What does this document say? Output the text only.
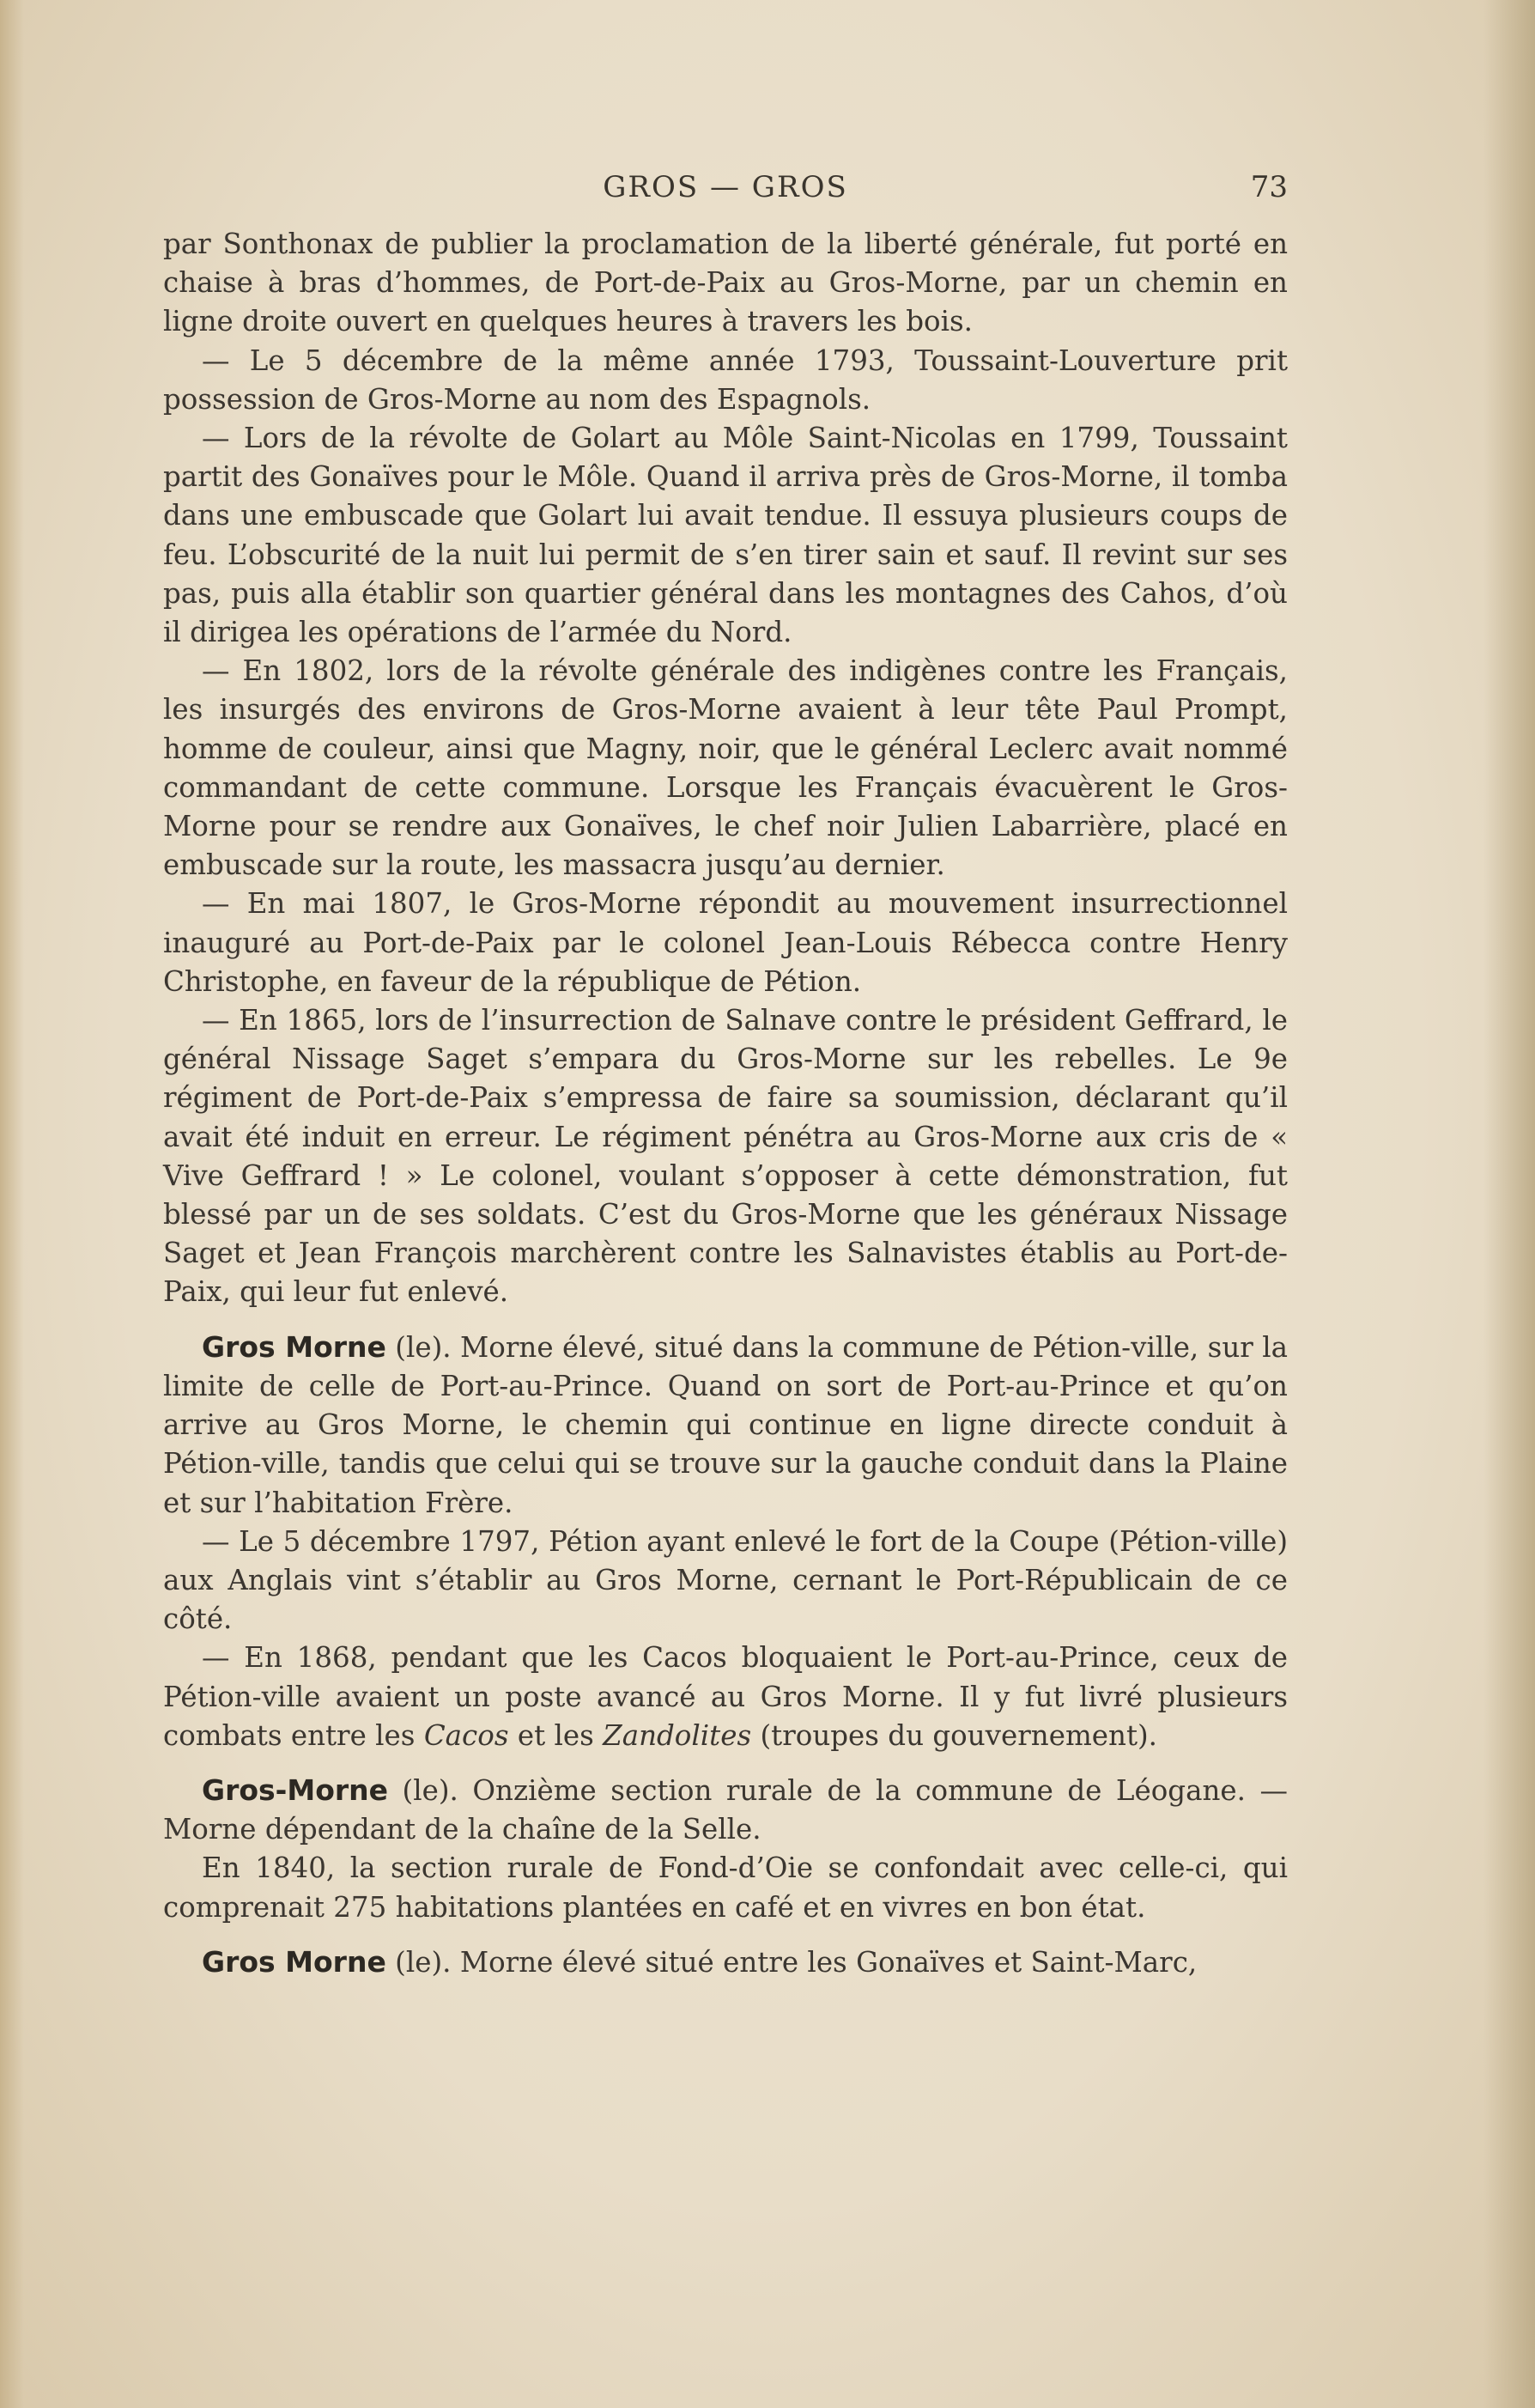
GROS — GROS	73

par Sonthonax de publier la proclamation de la liberté générale, fut porté en chaise à bras d’hommes, de Port-de-Paix au Gros-Morne, par un chemin en ligne droite ouvert en quelques heures à travers les bois.

— Le 5 décembre de la même année 1793, Toussaint-Louverture prit possession de Gros-Morne au nom des Espagnols.

— Lors de la révolte de Golart au Môle Saint-Nicolas en 1799, Toussaint partit des Gonaïves pour le Môle. Quand il arriva près de Gros-Morne, il tomba dans une embuscade que Golart lui avait tendue. Il essuya plusieurs coups de feu. L’obscurité de la nuit lui permit de s’en tirer sain et sauf. Il revint sur ses pas, puis alla établir son quartier général dans les montagnes des Cahos, d’où il dirigea les opérations de l’armée du Nord.

— En 1802, lors de la révolte générale des indigènes contre les Français, les insurgés des environs de Gros-Morne avaient à leur tête Paul Prompt, homme de couleur, ainsi que Magny, noir, que le général Leclerc avait nommé commandant de cette commune. Lorsque les Français évacuèrent le Gros-Morne pour se rendre aux Gonaïves, le chef noir Julien Labarrière, placé en embuscade sur la route, les massacra jusqu’au dernier.

— En mai 1807, le Gros-Morne répondit au mouvement insurrectionnel inauguré au Port-de-Paix par le colonel Jean-Louis Rébecca contre Henry Christophe, en faveur de la république de Pétion.

— En 1865, lors de l’insurrection de Salnave contre le président Geffrard, le général Nissage Saget s’empara du Gros-Morne sur les rebelles. Le 9e régiment de Port-de-Paix s’empressa de faire sa soumission, déclarant qu’il avait été induit en erreur. Le régiment pénétra au Gros-Morne aux cris de « Vive Geffrard ! » Le colonel, voulant s’opposer à cette démonstration, fut blessé par un de ses soldats. C’est du Gros-Morne que les généraux Nissage Saget et Jean François marchèrent contre les Salnavistes établis au Port-de-Paix, qui leur fut enlevé.

Gros Morne (le). Morne élevé, situé dans la commune de Pétion-ville, sur la limite de celle de Port-au-Prince. Quand on sort de Port-au-Prince et qu’on arrive au Gros Morne, le chemin qui continue en ligne directe conduit à Pétion-ville, tandis que celui qui se trouve sur la gauche conduit dans la Plaine et sur l’habitation Frère.

— Le 5 décembre 1797, Pétion ayant enlevé le fort de la Coupe (Pétion-ville) aux Anglais vint s’établir au Gros Morne, cernant le Port-Républicain de ce côté.

— En 1868, pendant que les Cacos bloquaient le Port-au-Prince, ceux de Pétion-ville avaient un poste avancé au Gros Morne. Il y fut livré plusieurs combats entre les Cacos et les Zandolites (troupes du gouvernement).

Gros-Morne (le). Onzième section rurale de la commune de Léogane. — Morne dépendant de la chaîne de la Selle.

En 1840, la section rurale de Fond-d’Oie se confondait avec celle-ci, qui comprenait 275 habitations plantées en café et en vivres en bon état.

Gros Morne (le). Morne élevé situé entre les Gonaïves et Saint-Marc,
